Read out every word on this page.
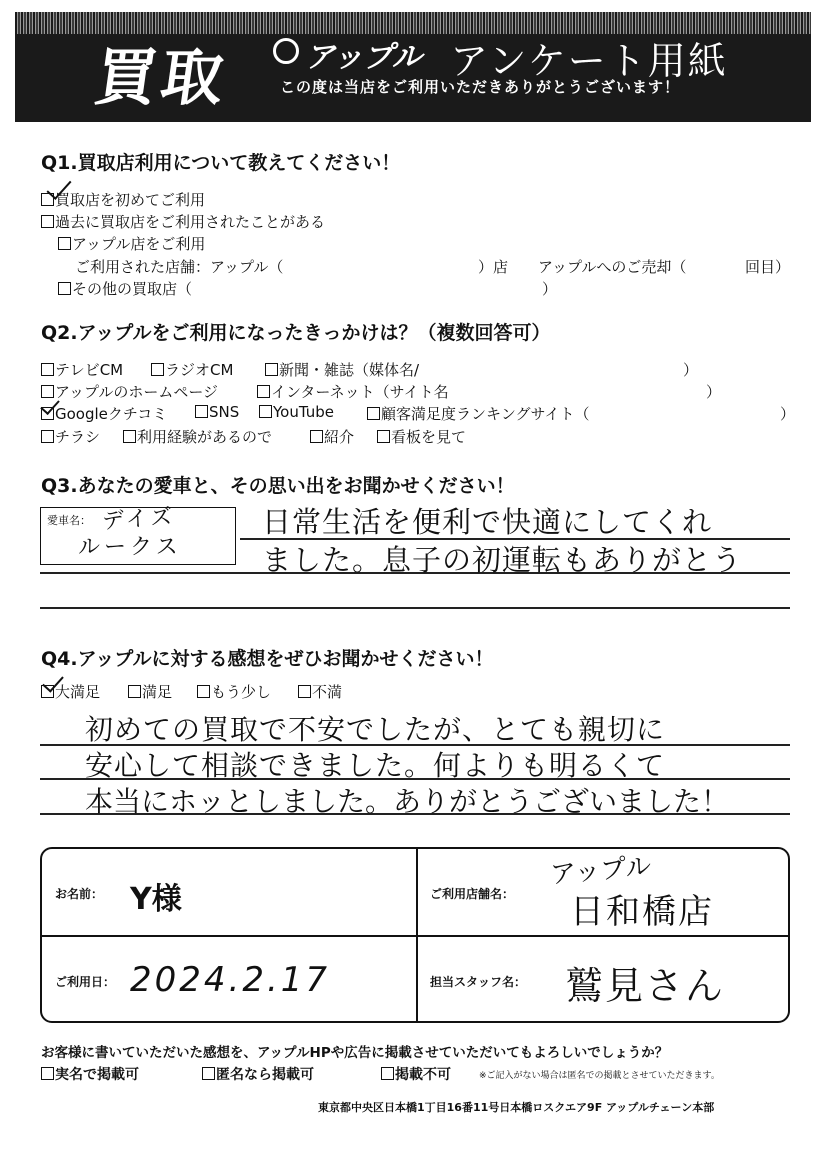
買取 アップル アンケート用紙
この度は当店をご利用いただきありがとうございます！
Q1.買取店利用について教えてください！
買取店を初めてご利用
過去に買取店をご利用されたことがある
アップル店をご利用
ご利用された店舗：アップル（	）店 アップルへのご売却（	回目）
その他の買取店（	）
Q2.アップルをご利用になったきっかけは？（複数回答可）
テレビCM	ラジオCM	新聞・雑誌（媒体名/	）
アップルのホームページ	インターネット（サイト名	）
Googleクチコミ	SNS	YouTube	顧客満足度ランキングサイト（	）
チラシ	利用経験があるので	紹介	看板を見て
Q3.あなたの愛車と、その思い出をお聞かせください！
愛車名： デイズ
ルークス
日常生活を便利で快適にしてくれ
ました。息子の初運転もありがとう
Q4.アップルに対する感想をぜひお聞かせください！
大満足	満足	もう少し	不満
初めての買取で不安でしたが、とても親切に
安心して相談できました。何よりも明るくて
本当にホッとしました。ありがとうございました！
お名前： Y様	ご利用店舗名：
アップル
日和橋店
ご利用日： 2024.2.17	担当スタッフ名： 鷲見さん
お客様に書いていただいた感想を、アップルHPや広告に掲載させていただいてもよろしいでしょうか？
実名で掲載可	匿名なら掲載可	掲載不可	※ご記入がない場合は匿名での掲載とさせていただきます。
東京都中央区日本橋1丁目16番11号日本橋ロスクエア9F アップルチェーン本部
